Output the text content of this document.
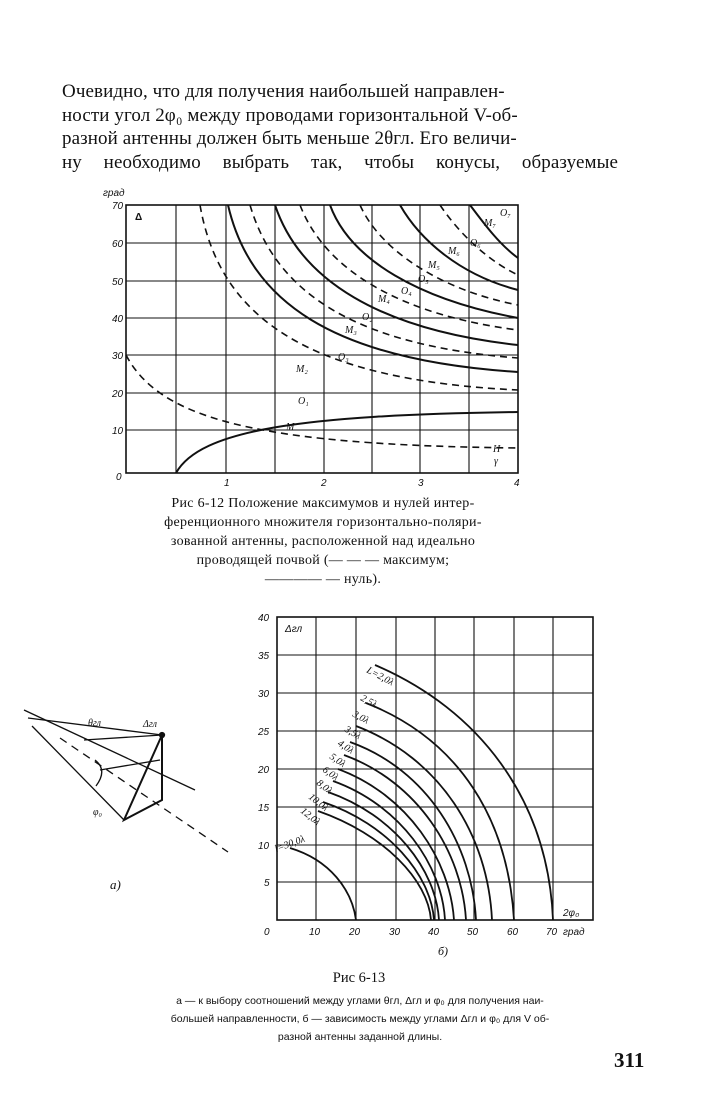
Очевидно, что для получения наибольшей направлен-
ности угол 2φ₀ между проводами горизонтальной V-об-
разной антенны должен быть меньше 2θгл. Его величи-
ну необходимо выбрать так, чтобы конусы, образуемые
град
Δ
70
60
50
40
30
20
10
0
1	2	3	4
M₂
O₁
M
O₃
M₃
O₂
M₄
O₄
O₅
M₅
M₆
O₆
M₇
O₇
H
γ
θгл	Δгл
φ₀
а)
Δгл
40
35
30
25
20
15
10
5
0	10	20	30	40	50	60	70 град
2φ₀
б)
L=2,0λ
2,5λ
3,0λ
3,5λ
4,0λ
5,0λ
6,0λ
8,0λ
10,0λ
12,0λ
l=30,0λ
Рис 6-12 Положение максимумов и нулей интер-
ференционного множителя горизонтально-поляри-
зованной антенны, расположенной над идеально
проводящей почвой (— — — максимум;
———— — нуль).
Рис 6-13
а — к выбору соотношений между углами θгл, Δгл и φ₀ для получения наи-
большей направленности, б — зависимость между углами Δгл и φ₀ для V об-
разной антенны заданной длины.
311
